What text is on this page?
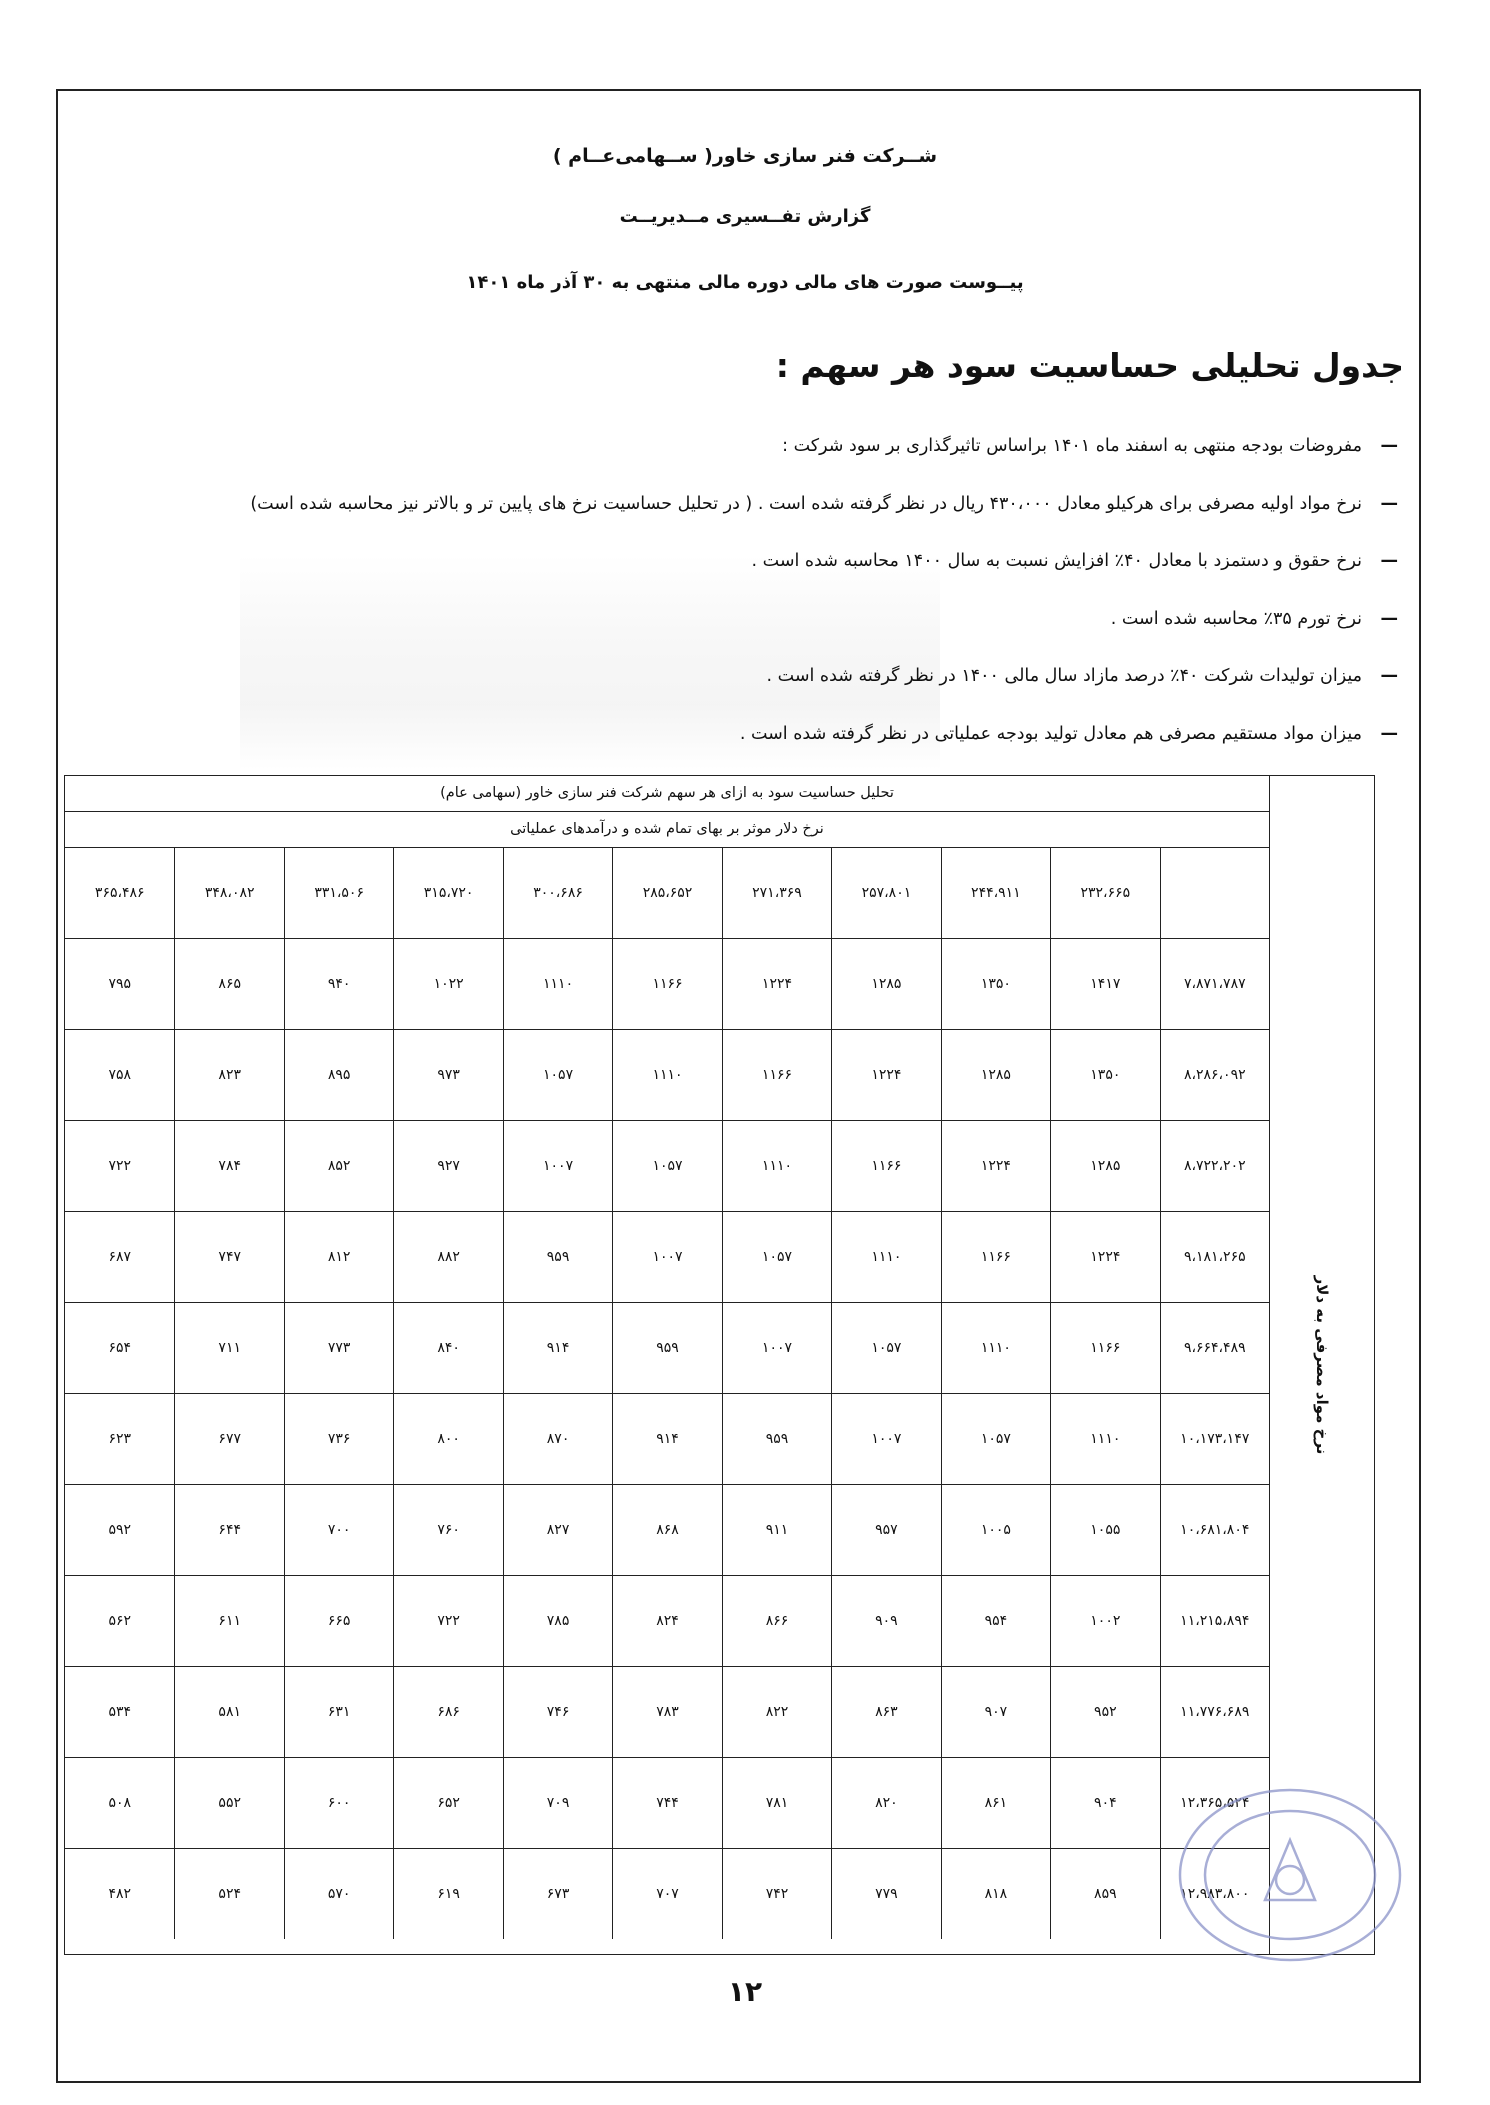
شــرکت فنر سازی خاور( ســهامی‌عــام )
گزارش تفــسیری مــدیریــت
پیــوست صورت های مالی دوره مالی منتهی به ۳۰ آذر ماه ۱۴۰۱
جدول تحلیلی حساسیت سود هر سهم :
—
مفروضات بودجه منتهی به اسفند ماه ۱۴۰۱ براساس تاثیرگذاری بر سود شرکت :
—
نرخ مواد اولیه مصرفی برای هرکیلو معادل ۴۳۰،۰۰۰ ریال در نظر گرفته شده است . ( در تحلیل حساسیت نرخ های پایین تر و بالاتر نیز محاسبه شده است)
—
نرخ حقوق و دستمزد با معادل ۴۰٪ افزایش نسبت به سال ۱۴۰۰ محاسبه شده است .
—
نرخ تورم ۳۵٪ محاسبه شده است .
—
میزان تولیدات شرکت ۴۰٪ درصد مازاد سال مالی ۱۴۰۰ در نظر گرفته شده است .
—
میزان مواد مستقیم مصرفی هم معادل تولید بودجه عملیاتی در نظر گرفته شده است .
نرخ مواد مصرفی به دلار
تحلیل حساسیت سود به ازای هر سهم شرکت فنر سازی خاور (سهامی عام)
نرخ دلار موثر بر بهای تمام شده و درآمدهای عملیاتی
۲۳۲،۶۶۵
۲۴۴،۹۱۱
۲۵۷،۸۰۱
۲۷۱،۳۶۹
۲۸۵،۶۵۲
۳۰۰،۶۸۶
۳۱۵،۷۲۰
۳۳۱،۵۰۶
۳۴۸،۰۸۲
۳۶۵،۴۸۶
۷،۸۷۱،۷۸۷
۱۴۱۷
۱۳۵۰
۱۲۸۵
۱۲۲۴
۱۱۶۶
۱۱۱۰
۱۰۲۲
۹۴۰
۸۶۵
۷۹۵
۸،۲۸۶،۰۹۲
۱۳۵۰
۱۲۸۵
۱۲۲۴
۱۱۶۶
۱۱۱۰
۱۰۵۷
۹۷۳
۸۹۵
۸۲۳
۷۵۸
۸،۷۲۲،۲۰۲
۱۲۸۵
۱۲۲۴
۱۱۶۶
۱۱۱۰
۱۰۵۷
۱۰۰۷
۹۲۷
۸۵۲
۷۸۴
۷۲۲
۹،۱۸۱،۲۶۵
۱۲۲۴
۱۱۶۶
۱۱۱۰
۱۰۵۷
۱۰۰۷
۹۵۹
۸۸۲
۸۱۲
۷۴۷
۶۸۷
۹،۶۶۴،۴۸۹
۱۱۶۶
۱۱۱۰
۱۰۵۷
۱۰۰۷
۹۵۹
۹۱۴
۸۴۰
۷۷۳
۷۱۱
۶۵۴
۱۰،۱۷۳،۱۴۷
۱۱۱۰
۱۰۵۷
۱۰۰۷
۹۵۹
۹۱۴
۸۷۰
۸۰۰
۷۳۶
۶۷۷
۶۲۳
۱۰،۶۸۱،۸۰۴
۱۰۵۵
۱۰۰۵
۹۵۷
۹۱۱
۸۶۸
۸۲۷
۷۶۰
۷۰۰
۶۴۴
۵۹۲
۱۱،۲۱۵،۸۹۴
۱۰۰۲
۹۵۴
۹۰۹
۸۶۶
۸۲۴
۷۸۵
۷۲۲
۶۶۵
۶۱۱
۵۶۲
۱۱،۷۷۶،۶۸۹
۹۵۲
۹۰۷
۸۶۳
۸۲۲
۷۸۳
۷۴۶
۶۸۶
۶۳۱
۵۸۱
۵۳۴
۱۲،۳۶۵،۵۲۴
۹۰۴
۸۶۱
۸۲۰
۷۸۱
۷۴۴
۷۰۹
۶۵۲
۶۰۰
۵۵۲
۵۰۸
۱۲،۹۸۳،۸۰۰
۸۵۹
۸۱۸
۷۷۹
۷۴۲
۷۰۷
۶۷۳
۶۱۹
۵۷۰
۵۲۴
۴۸۲
۱۲
